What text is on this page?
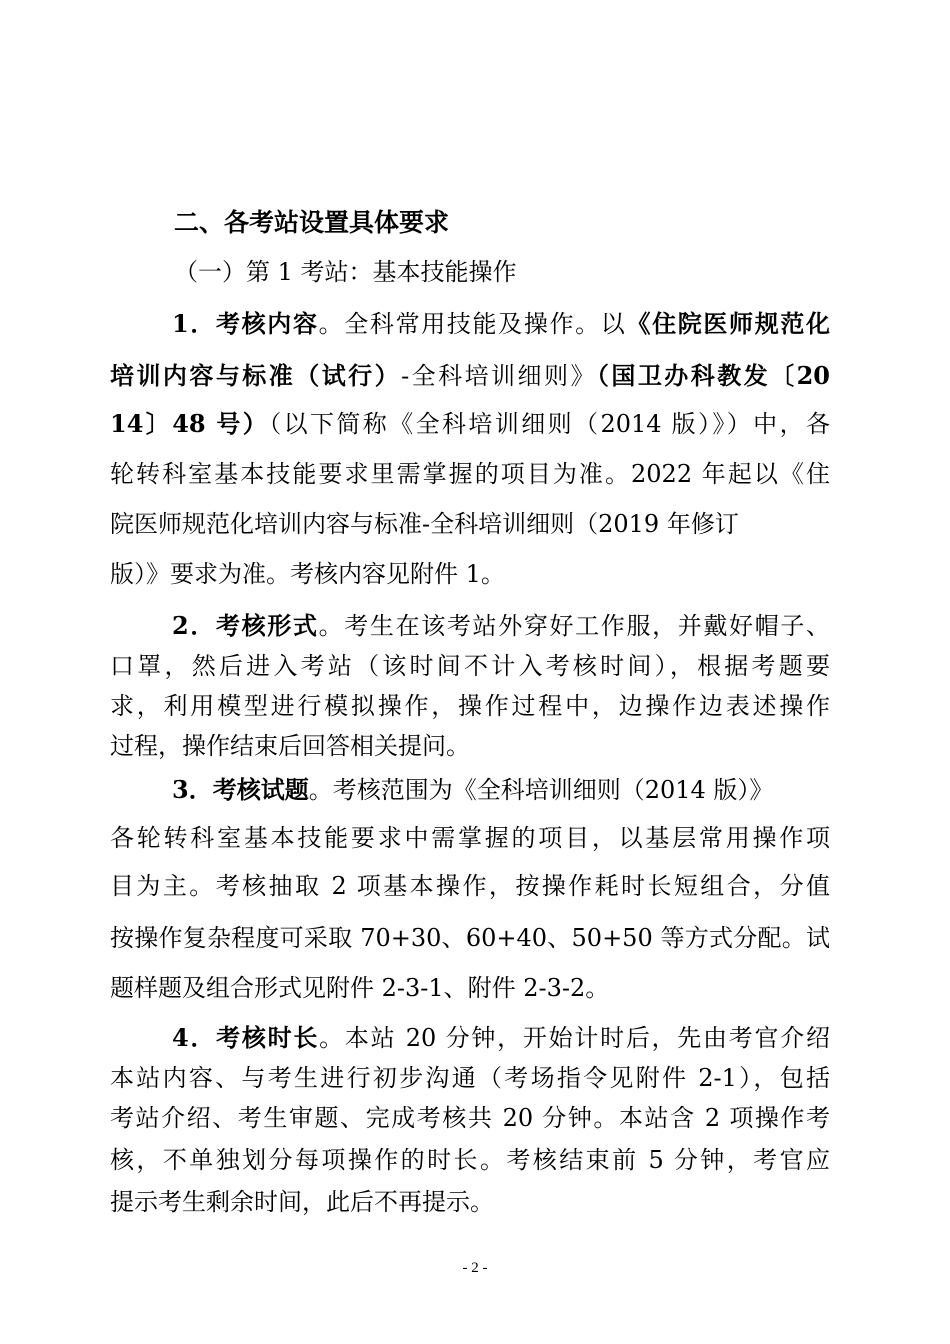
二、各考站设置具体要求
（一）第 1 考站：基本技能操作
1．考核内容。全科常用技能及操作。以《住院医师规范化
培训内容与标准（试行）-全科培训细则》（国卫办科教发〔20
14〕48 号）（以下简称《全科培训细则（2014 版）》）中，各
轮转科室基本技能要求里需掌握的项目为准。2022 年起以《住
院医师规范化培训内容与标准-全科培训细则（2019 年修订
版）》要求为准。考核内容见附件 1。
2．考核形式。考生在该考站外穿好工作服，并戴好帽子、
口罩，然后进入考站（该时间不计入考核时间），根据考题要
求，利用模型进行模拟操作，操作过程中，边操作边表述操作
过程，操作结束后回答相关提问。
3．考核试题。考核范围为《全科培训细则（2014 版）》
各轮转科室基本技能要求中需掌握的项目，以基层常用操作项
目为主。考核抽取 2 项基本操作，按操作耗时长短组合，分值
按操作复杂程度可采取 70+30、60+40、50+50 等方式分配。试
题样题及组合形式见附件 2-3-1、附件 2-3-2。
4．考核时长。本站 20 分钟，开始计时后，先由考官介绍
本站内容、与考生进行初步沟通（考场指令见附件 2-1），包括
考站介绍、考生审题、完成考核共 20 分钟。本站含 2 项操作考
核，不单独划分每项操作的时长。考核结束前 5 分钟，考官应
提示考生剩余时间，此后不再提示。
- 2 -
